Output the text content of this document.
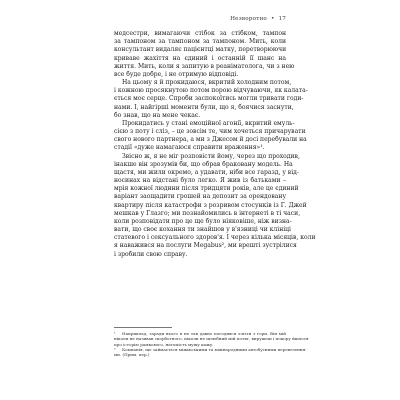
Незворотно • 17
медсестри, вимагаючи стібок за стібком, тампон
за тампоном за тампоном за тампоном. Мить, коли
консультант видаляє пацієнтці матку, перетворюючи
криваве жахіття на єдиний і останній її шанс на
життя. Мить, коли я запитую в реаніматолога, чи з нею
все буде добре, і не отримую відповіді.
На цьому я й прокидаюся, вкритий холодним потом,
і кожною просякнутою потом порою відчуваючи, як калата-
ється моє серце. Спроби заспокоїтись могли тривати годи-
нами. І, найгірші моменти були, що я, боячися заснути,
бо знав, що на мене чекає.
Прокидатись у стані емоційної агонії, вкритий емуль-
сією з поту і сліз, – це зовсім те, чим хочеться причарувати
свого нового партнера, а ми з Джесом й досі перебували на
стадії «дуже намагаюся справити враження»¹.
Звісно ж, я не міг розповісти йому, через що проходив,
інакше він зрозумів би, що обрав браковану модель. На
щастя, ми жили окремо, а удавати, ніби все гаразд, у від-
носинах на відстані було легко. Я жив із батьками –
мрія кожної людини після тридцяти років, але це єдиний
варіант заощадити грошей на депозит за орендовану
квартиру після катастрофи з розривом стосунків із Г. Джей
мешкав у Глазго; ми познайомились в інтернеті в ті часи,
коли розповідати про це ще було ніяковіше, ніж визна-
вати, що своє кохання ти знайшов у в'язниці чи клініці
статевого і сексуального здоров'я. І через кілька місяців, коли
я наважився на послуги Megabus², ми врешті зустрілися
і зробили свою справу.
¹ Наприклад, заради нього я не так давно погодився злізти з гори. Він мій
ніколи не називав скорботного, ніколи не шлюбний мій потяг, вирушеш і покору йшлося
про історію рамкового, натомість мушу кажу.
² Компанія, що займається міжміськими та міжнародними автобусними перевезення-
ми. (Прим. пер.)
